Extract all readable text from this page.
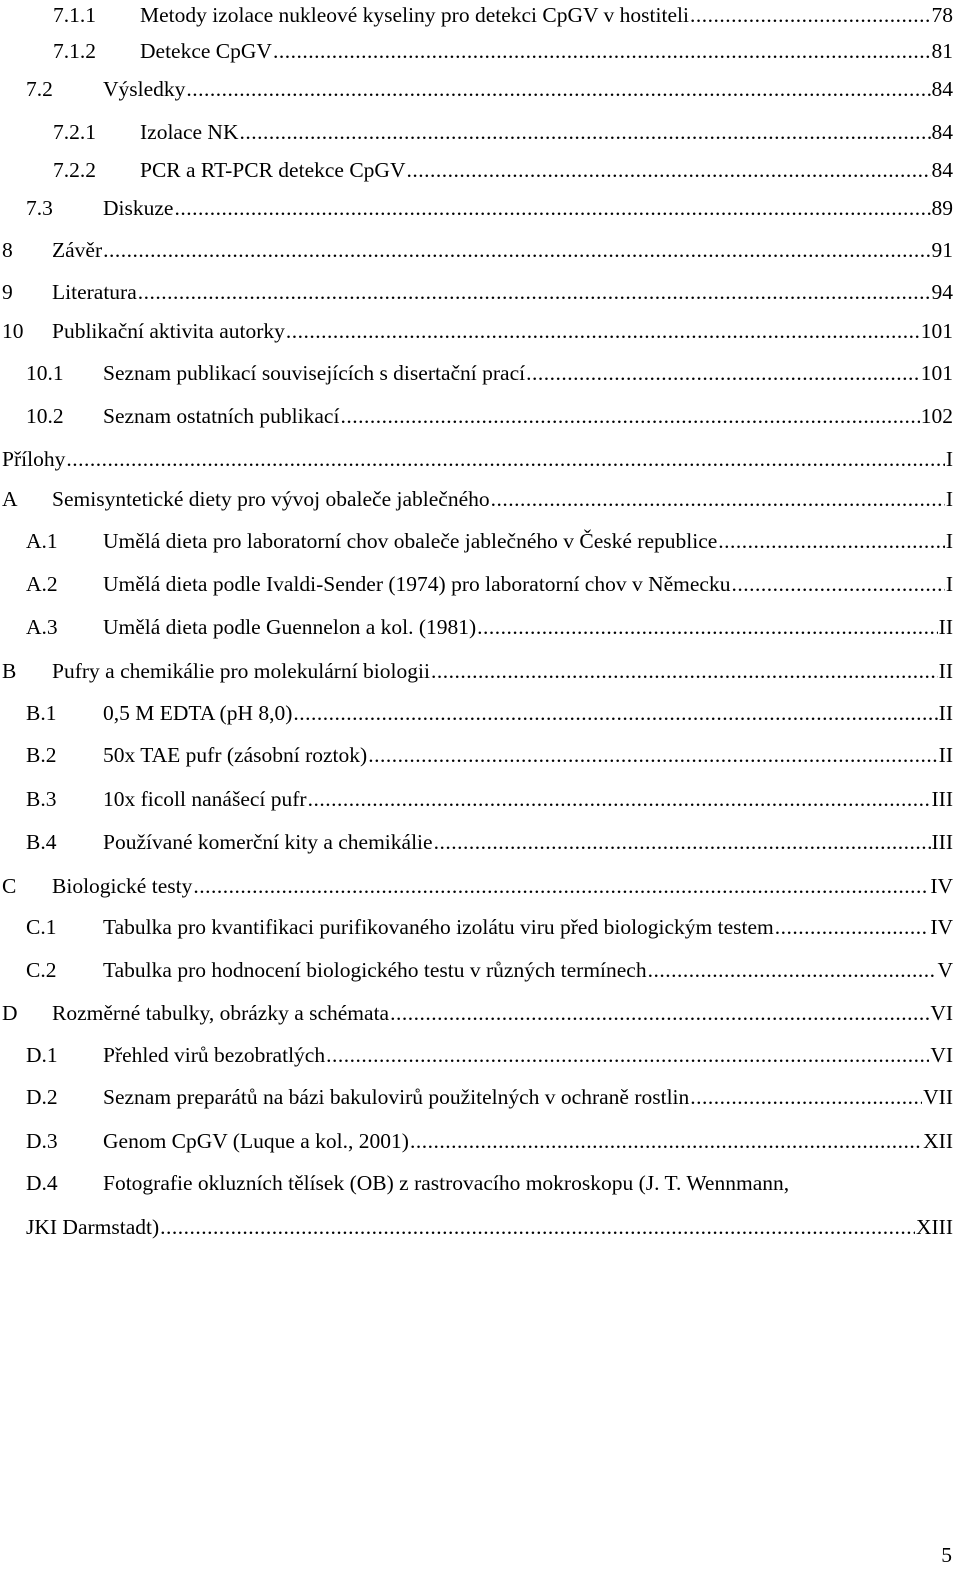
7.1.1 Metody izolace nukleové kyseliny pro detekci CpGV v hostiteli .....	78
7.1.2 Detekce CpGV .....	81
7.2 Výsledky .....	84
7.2.1 Izolace NK .....	84
7.2.2 PCR a RT-PCR detekce CpGV .....	84
7.3 Diskuze .....	89
8 Závěr .....	91
9 Literatura .....	94
10 Publikační aktivita autorky .....	101
10.1 Seznam publikací souvisejících s disertační prací .....	101
10.2 Seznam ostatních publikací .....	102
Přílohy .....	I
A Semisyntetické diety pro vývoj obaleče jablečného .....	I
A.1 Umělá dieta pro laboratorní chov obaleče jablečného v České republice .....	I
A.2 Umělá dieta podle Ivaldi-Sender (1974) pro laboratorní chov v Německu .....	I
A.3 Umělá dieta podle Guennelon a kol. (1981) .....	II
B Pufry a chemikálie pro molekulární biologii .....	II
B.1 0,5 M EDTA (pH 8,0) .....	II
B.2 50x TAE pufr (zásobní roztok) .....	II
B.3 10x ficoll nanášecí pufr .....	III
B.4 Používané komerční kity a chemikálie .....	III
C Biologické testy .....	IV
C.1 Tabulka pro kvantifikaci purifikovaného izolátu viru před biologickým testem .....	IV
C.2 Tabulka pro hodnocení biologického testu v různých termínech .....	V
D Rozměrné tabulky, obrázky a schémata .....	VI
D.1 Přehled virů bezobratlých .....	VI
D.2 Seznam preparátů na bázi bakulovirů použitelných v ochraně rostlin .....	VII
D.3 Genom CpGV (Luque a kol., 2001) .....	XII
D.4 Fotografie okluzních tělísek (OB) z rastrovacího mokroskopu (J. T. Wennmann,
JKI Darmstadt) .....	XIII
5
